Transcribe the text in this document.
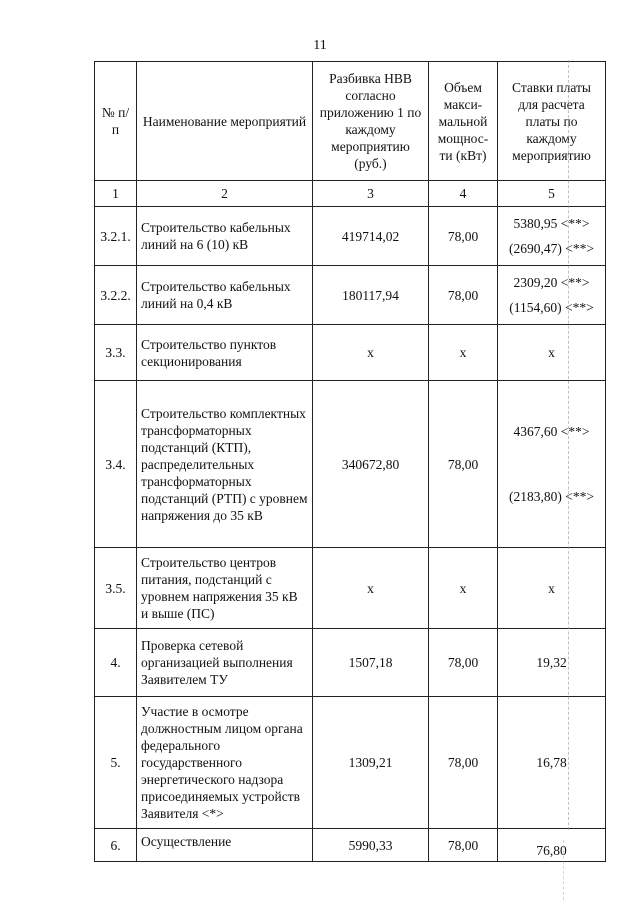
11
№ п/п	Наименование мероприятий	Разбивка НВВ согласно приложению 1 по каждому мероприятию (руб.)	Объем макси-мальной мощнос-ти (кВт)	Ставки платы для расчета платы по каждому мероприятию
1	2	3	4	5
3.2.1.	Строительство кабельных линий на 6 (10) кВ	419714,02	78,00	5380,95 <**>
(2690,47) <**>

3.2.2.	Строительство кабельных линий на 0,4 кВ	180117,94	78,00	2309,20 <**>
(1154,60) <**>

3.3.	Строительство пунктов секционирования	x	x	x
3.4.	Строительство комплектных трансформаторных подстанций (КТП), распределительных трансформаторных подстанций (РТП) с уровнем напряжения до 35 кВ	340672,80	78,00	4367,60 <**>
(2183,80) <**>

3.5.	Строительство центров питания, подстанций с уровнем напряжения 35 кВ и выше (ПС)	x	x	x
4.	Проверка сетевой организацией выполнения Заявителем ТУ	1507,18	78,00	19,32
5.	Участие в осмотре должностным лицом органа федерального государственного энергетического надзора присоединяемых устройств Заявителя <*>	1309,21	78,00	16,78
6.	Осуществление	5990,33	78,00	76,80
